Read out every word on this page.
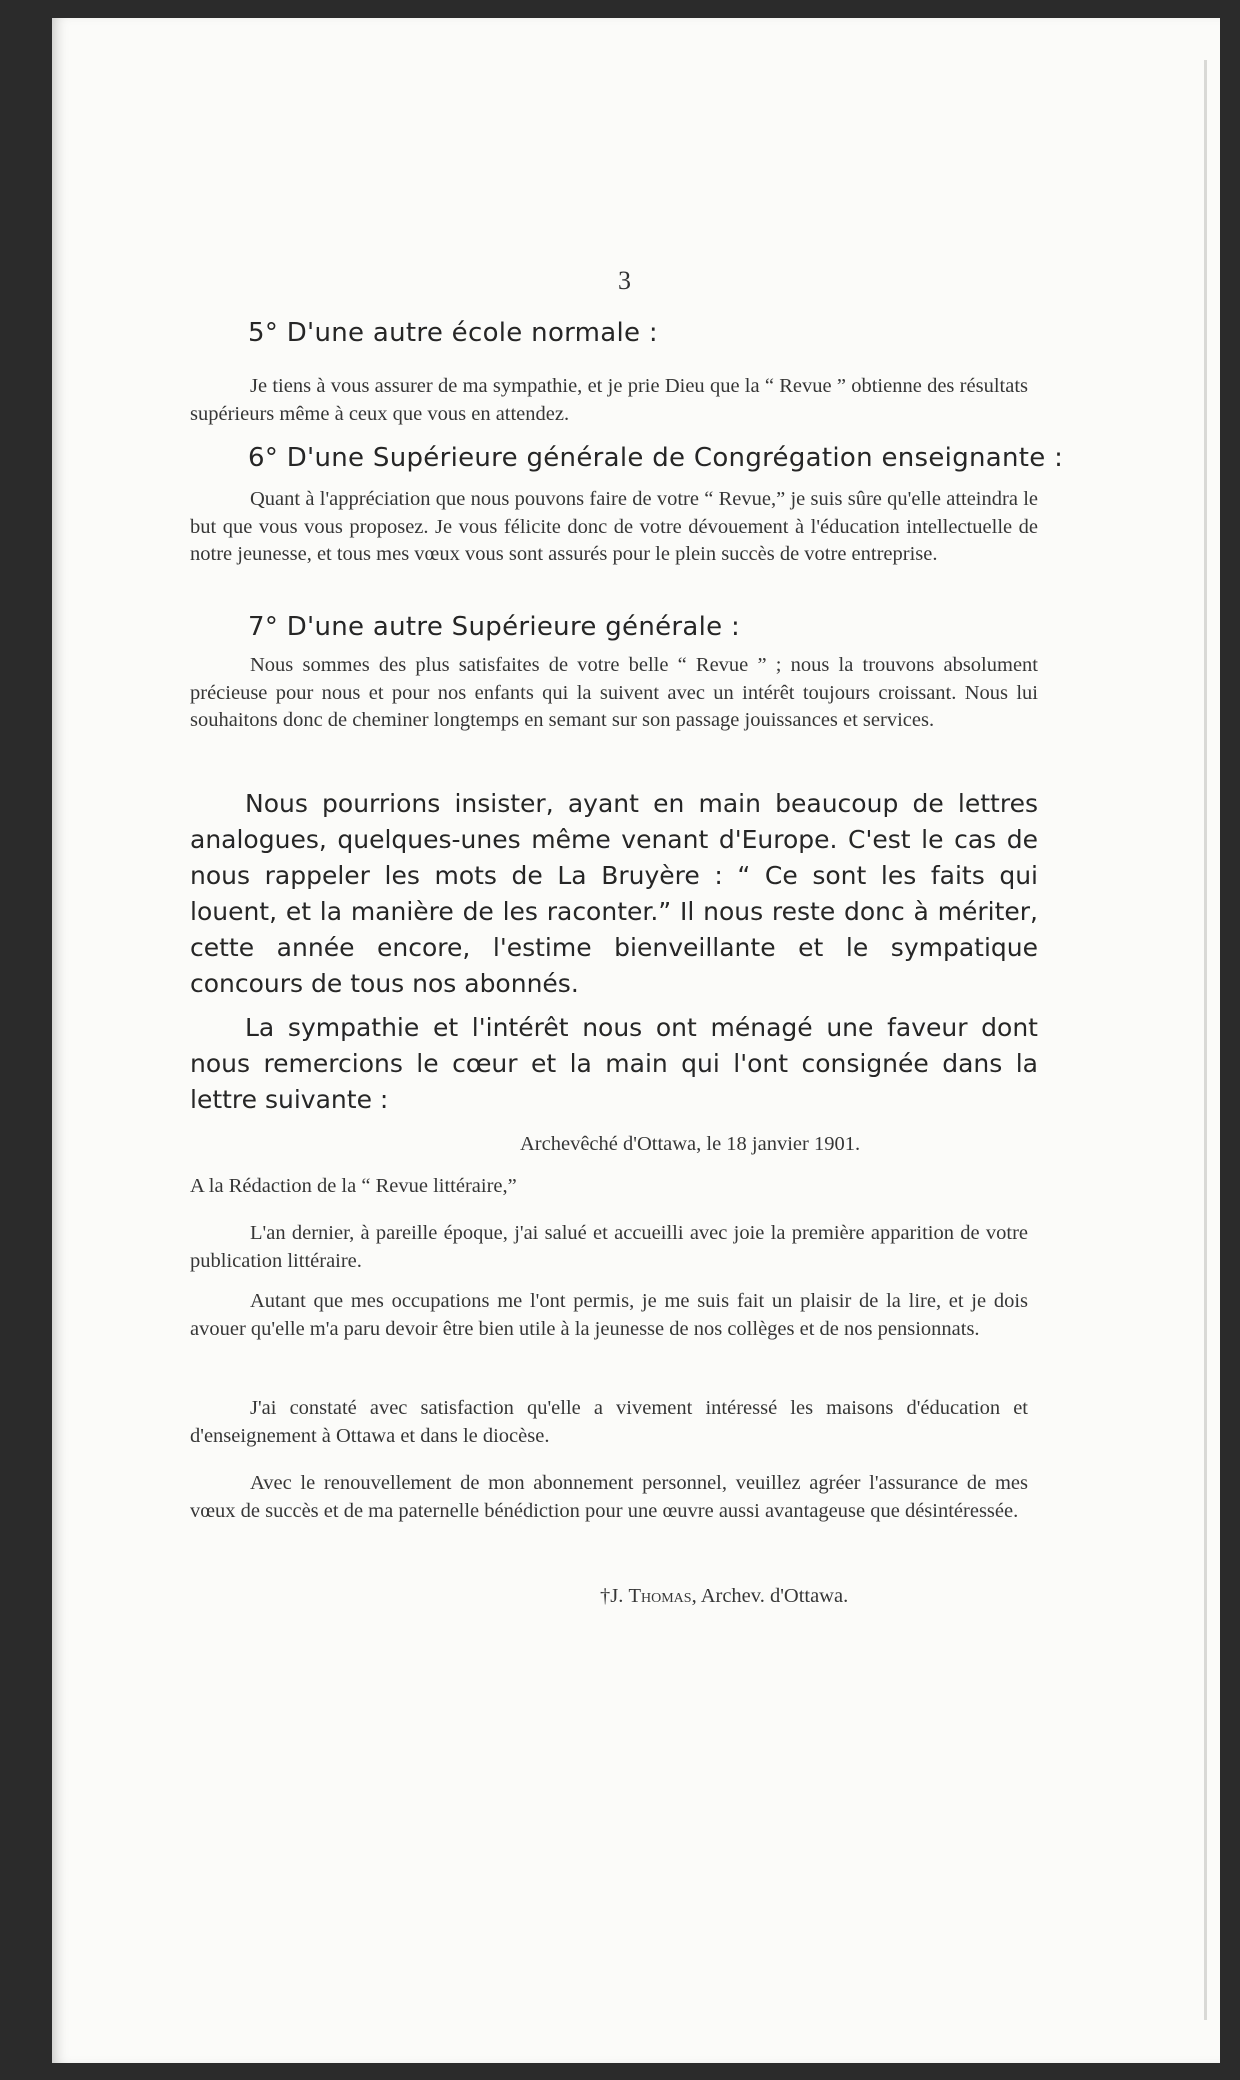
3
5° D'une autre école normale :

Je tiens à vous assurer de ma sympathie, et je prie Dieu que la “ Revue ” obtienne des résultats supérieurs même à ceux que vous en attendez.

6° D'une Supérieure générale de Congrégation enseignante :

Quant à l'appréciation que nous pouvons faire de votre “ Revue,” je suis sûre qu'elle atteindra le but que vous vous proposez. Je vous félicite donc de votre dévouement à l'éducation intellectuelle de notre jeunesse, et tous mes vœux vous sont assurés pour le plein succès de votre entreprise.

7° D'une autre Supérieure générale :

Nous sommes des plus satisfaites de votre belle “ Revue ” ; nous la trouvons absolument précieuse pour nous et pour nos enfants qui la suivent avec un intérêt toujours croissant. Nous lui souhaitons donc de cheminer longtemps en semant sur son passage jouissances et services.

Nous pourrions insister, ayant en main beaucoup de lettres analogues, quelques-unes même venant d'Europe. C'est le cas de nous rappeler les mots de La Bruyère : “ Ce sont les faits qui louent, et la manière de les raconter.” Il nous reste donc à mériter, cette année encore, l'estime bienveillante et le sympatique concours de tous nos abonnés.

La sympathie et l'intérêt nous ont ménagé une faveur dont nous remercions le cœur et la main qui l'ont consignée dans la lettre suivante :

Archevêché d'Ottawa, le 18 janvier 1901.
A la Rédaction de la “ Revue littéraire,”

L'an dernier, à pareille époque, j'ai salué et accueilli avec joie la première apparition de votre publication littéraire.

Autant que mes occupations me l'ont permis, je me suis fait un plaisir de la lire, et je dois avouer qu'elle m'a paru devoir être bien utile à la jeunesse de nos collèges et de nos pensionnats.

J'ai constaté avec satisfaction qu'elle a vivement intéressé les maisons d'éducation et d'enseignement à Ottawa et dans le diocèse.

Avec le renouvellement de mon abonnement personnel, veuillez agréer l'assurance de mes vœux de succès et de ma paternelle bénédiction pour une œuvre aussi avantageuse que désintéressée.

†J. Thomas, Archev. d'Ottawa.
